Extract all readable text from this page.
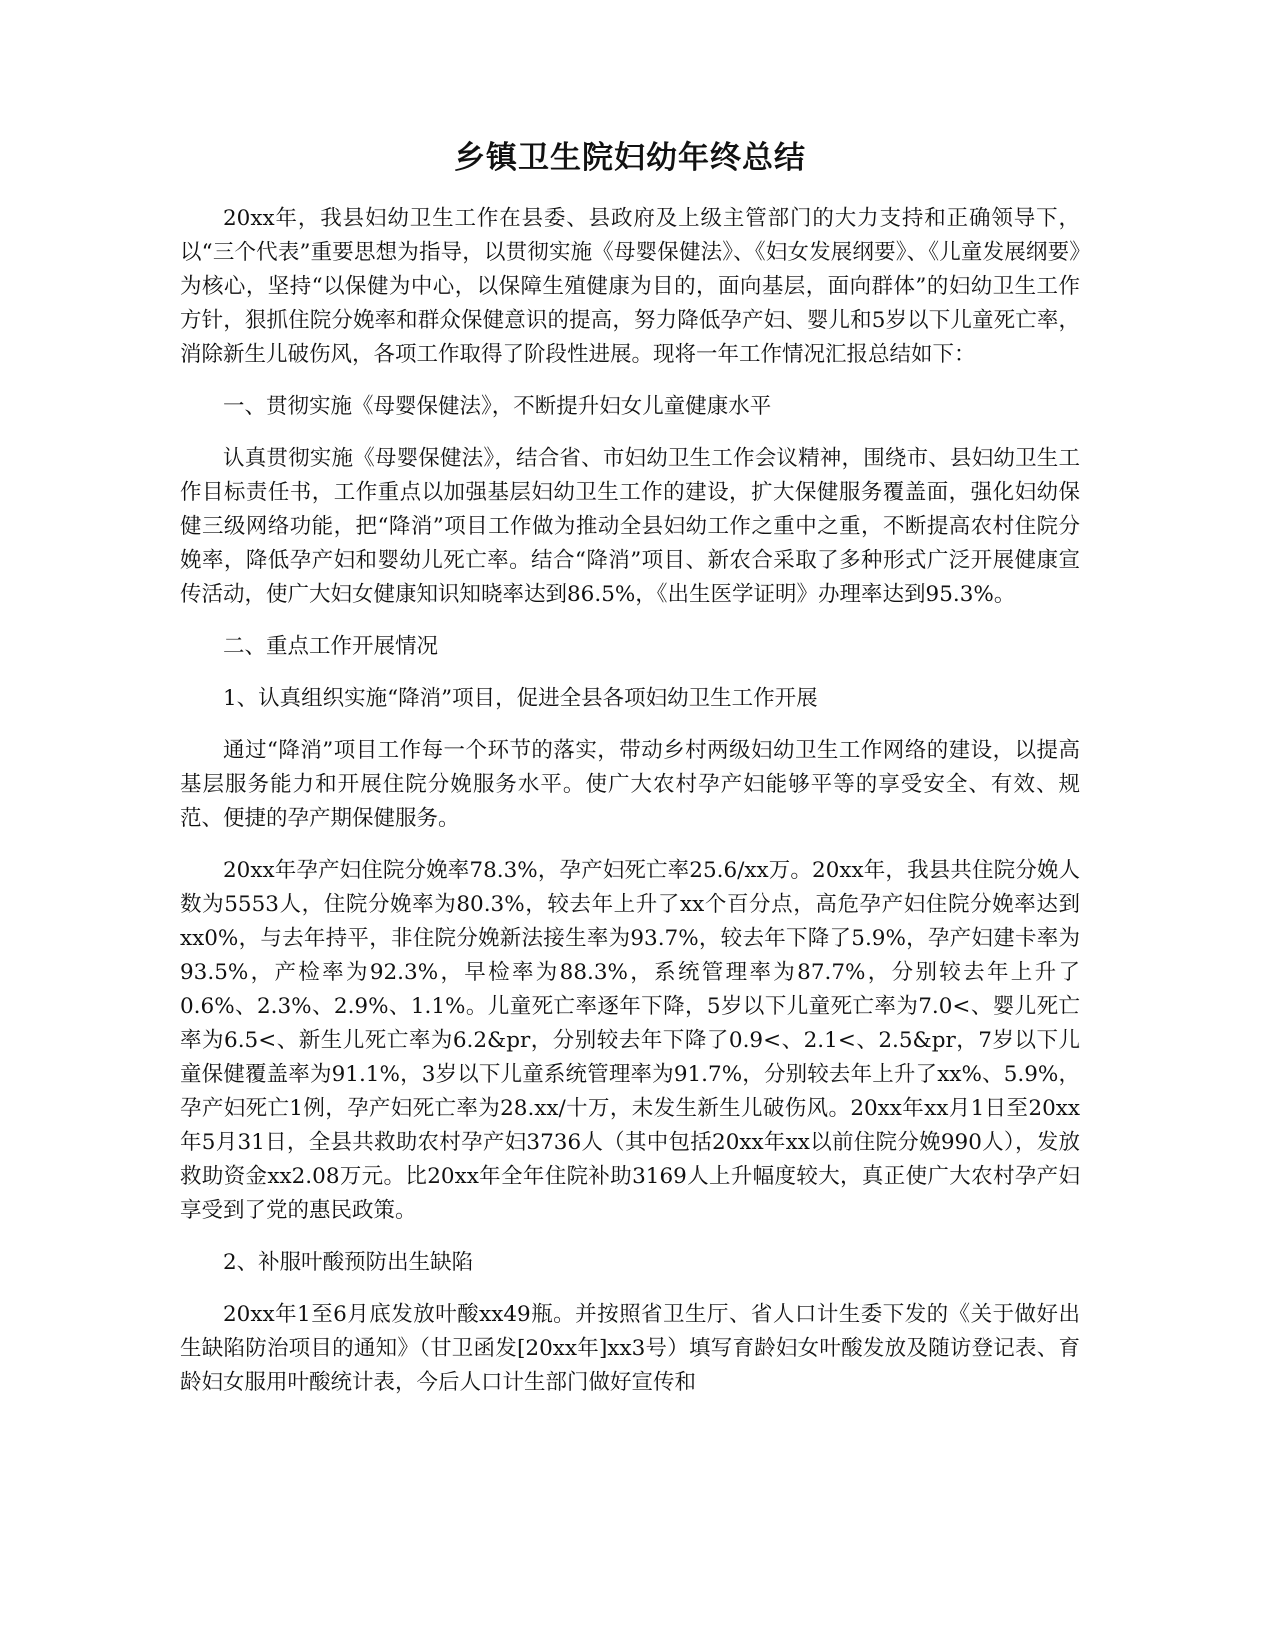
乡镇卫生院妇幼年终总结

20xx年，我县妇幼卫生工作在县委、县政府及上级主管部门的大力支持和正确领导下，以“三个代表”重要思想为指导，以贯彻实施《母婴保健法》、《妇女发展纲要》、《儿童发展纲要》为核心，坚持“以保健为中心，以保障生殖健康为目的，面向基层，面向群体”的妇幼卫生工作方针，狠抓住院分娩率和群众保健意识的提高，努力降低孕产妇、婴儿和5岁以下儿童死亡率，消除新生儿破伤风，各项工作取得了阶段性进展。现将一年工作情况汇报总结如下：

一、贯彻实施《母婴保健法》，不断提升妇女儿童健康水平

认真贯彻实施《母婴保健法》，结合省、市妇幼卫生工作会议精神，围绕市、县妇幼卫生工作目标责任书，工作重点以加强基层妇幼卫生工作的建设，扩大保健服务覆盖面，强化妇幼保健三级网络功能，把“降消”项目工作做为推动全县妇幼工作之重中之重，不断提高农村住院分娩率，降低孕产妇和婴幼儿死亡率。结合“降消”项目、新农合采取了多种形式广泛开展健康宣传活动，使广大妇女健康知识知晓率达到86.5%，《出生医学证明》办理率达到95.3%。

二、重点工作开展情况

1、认真组织实施“降消”项目，促进全县各项妇幼卫生工作开展

通过“降消”项目工作每一个环节的落实，带动乡村两级妇幼卫生工作网络的建设，以提高基层服务能力和开展住院分娩服务水平。使广大农村孕产妇能够平等的享受安全、有效、规范、便捷的孕产期保健服务。

20xx年孕产妇住院分娩率78.3%，孕产妇死亡率25.6/xx万。20xx年，我县共住院分娩人数为5553人，住院分娩率为80.3%，较去年上升了xx个百分点，高危孕产妇住院分娩率达到xx0%，与去年持平，非住院分娩新法接生率为93.7%，较去年下降了5.9%，孕产妇建卡率为93.5%，产检率为92.3%，早检率为88.3%，系统管理率为87.7%，分别较去年上升了0.6%、2.3%、2.9%、1.1%。儿童死亡率逐年下降，5岁以下儿童死亡率为7.0<、婴儿死亡率为6.5<、新生儿死亡率为6.2&pr，分别较去年下降了0.9<、2.1<、2.5&pr，7岁以下儿童保健覆盖率为91.1%，3岁以下儿童系统管理率为91.7%，分别较去年上升了xx%、5.9%，孕产妇死亡1例，孕产妇死亡率为28.xx/十万，未发生新生儿破伤风。20xx年xx月1日至20xx年5月31日，全县共救助农村孕产妇3736人（其中包括20xx年xx以前住院分娩990人），发放救助资金xx2.08万元。比20xx年全年住院补助3169人上升幅度较大，真正使广大农村孕产妇享受到了党的惠民政策。

2、补服叶酸预防出生缺陷

20xx年1至6月底发放叶酸xx49瓶。并按照省卫生厅、省人口计生委下发的《关于做好出生缺陷防治项目的通知》（甘卫函发[20xx年]xx3号）填写育龄妇女叶酸发放及随访登记表、育龄妇女服用叶酸统计表，今后人口计生部门做好宣传和
